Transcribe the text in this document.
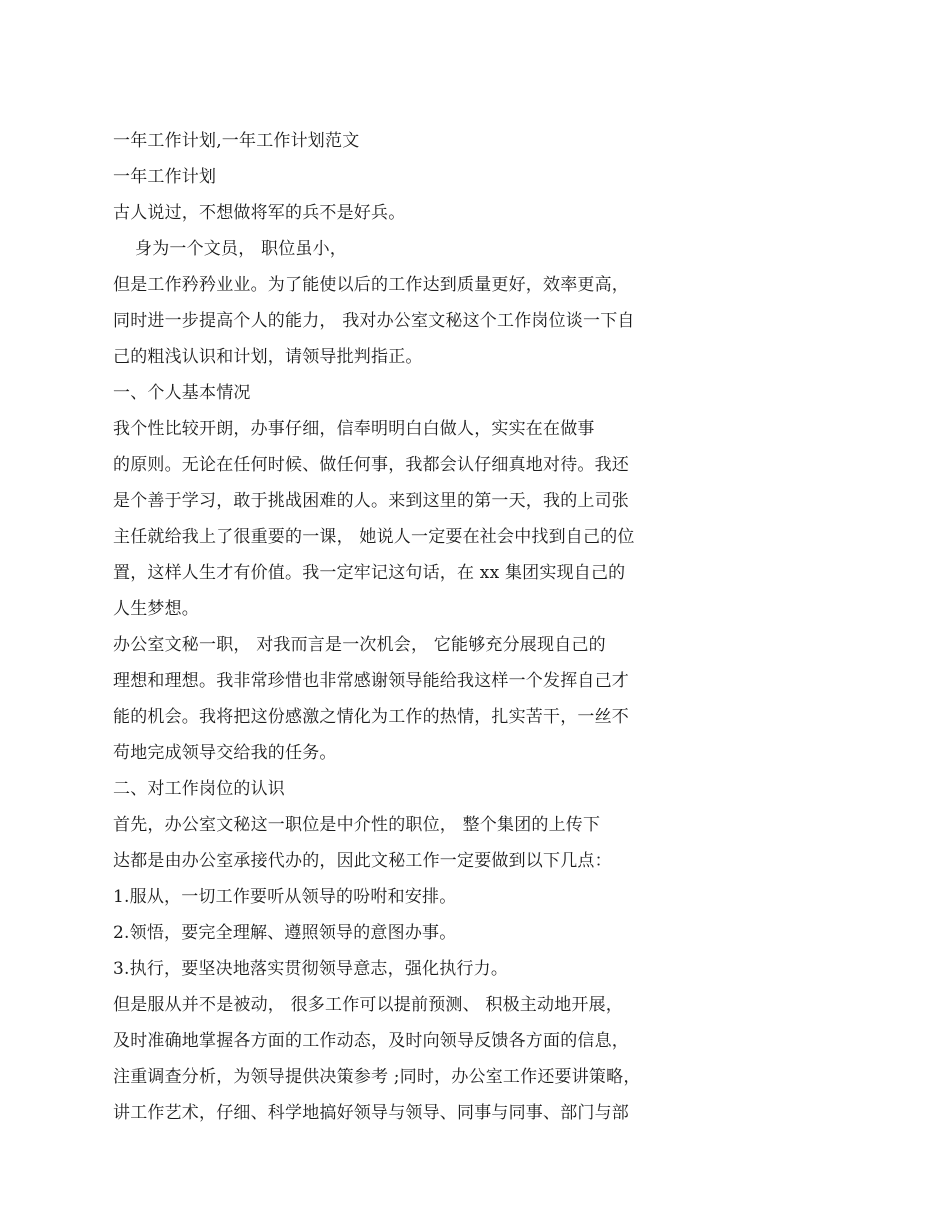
一年工作计划,一年工作计划范文
一年工作计划
古人说过，不想做将军的兵不是好兵。
身为一个文员， 职位虽小，
但是工作矜矜业业。为了能使以后的工作达到质量更好，效率更高，
同时进一步提高个人的能力， 我对办公室文秘这个工作岗位谈一下自
己的粗浅认识和计划，请领导批判指正。
一、个人基本情况
我个性比较开朗，办事仔细，信奉明明白白做人，实实在在做事
的原则。无论在任何时候、做任何事，我都会认仔细真地对待。我还
是个善于学习，敢于挑战困难的人。来到这里的第一天，我的上司张
主任就给我上了很重要的一课， 她说人一定要在社会中找到自己的位
置，这样人生才有价值。我一定牢记这句话，在 xx 集团实现自己的
人生梦想。
办公室文秘一职， 对我而言是一次机会， 它能够充分展现自己的
理想和理想。我非常珍惜也非常感谢领导能给我这样一个发挥自己才
能的机会。我将把这份感激之情化为工作的热情，扎实苦干，一丝不
苟地完成领导交给我的任务。
二、对工作岗位的认识
首先，办公室文秘这一职位是中介性的职位， 整个集团的上传下
达都是由办公室承接代办的，因此文秘工作一定要做到以下几点：
1.服从，一切工作要听从领导的吩咐和安排。
2.领悟，要完全理解、遵照领导的意图办事。
3.执行，要坚决地落实贯彻领导意志，强化执行力。
但是服从并不是被动， 很多工作可以提前预测、 积极主动地开展，
及时准确地掌握各方面的工作动态，及时向领导反馈各方面的信息，
注重调查分析，为领导提供决策参考 ;同时，办公室工作还要讲策略，
讲工作艺术，仔细、科学地搞好领导与领导、同事与同事、部门与部
